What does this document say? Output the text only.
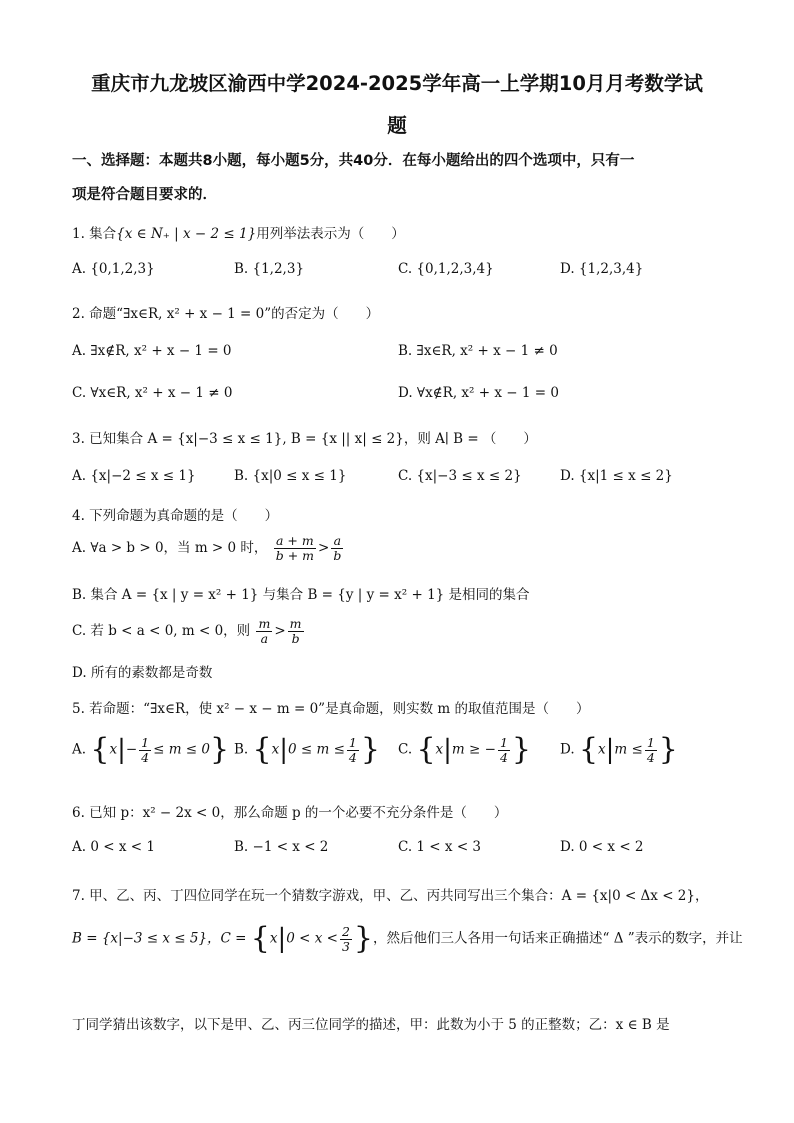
重庆市九龙坡区渝西中学2024-2025学年高一上学期10月月考数学试
题
一、选择题：本题共8小题，每小题5分，共40分．在每小题给出的四个选项中，只有一
项是符合题目要求的．
1. 集合{x ∈ N₊ | x − 2 ≤ 1}用列举法表示为（　　）
A. {0,1,2,3}	B. {1,2,3}	C. {0,1,2,3,4}	D. {1,2,3,4}
2. 命题“∃x∈R, x² + x − 1 = 0”的否定为（　　）
A. ∃x∉R, x² + x − 1 = 0	B. ∃x∈R, x² + x − 1 ≠ 0
C. ∀x∈R, x² + x − 1 ≠ 0	D. ∀x∉R, x² + x − 1 = 0
3. 已知集合 A = {x|−3 ≤ x ≤ 1}, B = {x || x| ≤ 2}，则 A∣ B = （　　）
A. {x|−2 ≤ x ≤ 1}	B. {x|0 ≤ x ≤ 1}	C. {x|−3 ≤ x ≤ 2}	D. {x|1 ≤ x ≤ 2}
4. 下列命题为真命题的是（　　）
A. ∀a > b > 0，当 m > 0 时， $\frac{a + m}{b + m} > \frac{a}{b}$
B. 集合 A = {x | y = x² + 1} 与集合 B = {y | y = x² + 1} 是相同的集合
C. 若 b < a < 0, m < 0，则 $\frac{m}{a} > \frac{m}{b}$
D. 所有的素数都是奇数
5. 若命题：“∃x∈R，使 x² − x − m = 0”是真命题，则实数 m 的取值范围是（　　）
A. $\{x|- \frac{1}{4} \le m \le 0\}$ B. {$x|0 \le m \le \frac{1}{4}$ } C. {x|m ≥ − $\frac{1}{4}$ } D. {$x|m \le \frac{1}{4}$ }
6. 已知 p：x² − 2x < 0，那么命题 p 的一个必要不充分条件是（　　）
A. 0 < x < 1	B. −1 < x < 2	C. 1 < x < 3	D. 0 < x < 2
7. 甲、乙、丙、丁四位同学在玩一个猜数字游戏，甲、乙、丙共同写出三个集合：A = {x|0 < Δx < 2}，
B = {x|−3 ≤ x ≤ 5}，$C = \{x|0 < x < \frac{2}{3}$ }，然后他们三人各用一句话来正确描述“ Δ ”表示的数字，并让
丁同学猜出该数字，以下是甲、乙、丙三位同学的描述，甲：此数为小于 5 的正整数；乙：x ∈ B 是
